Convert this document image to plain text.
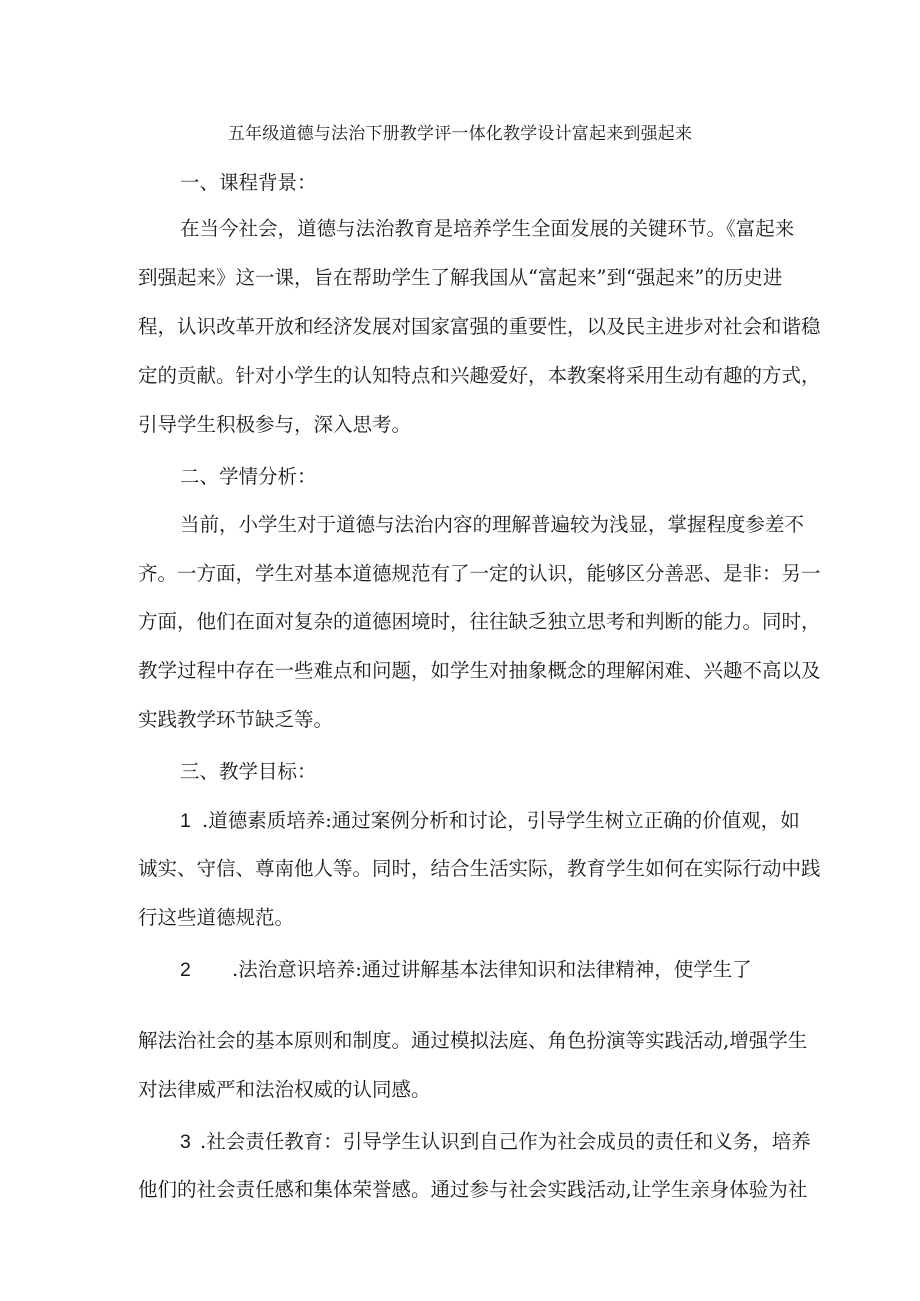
五年级道德与法治下册教学评一体化教学设计富起来到强起来
一、课程背景：
在当今社会，道德与法治教育是培养学生全面发展的关键环节。《富起来
到强起来》这一课，旨在帮助学生了解我国从“富起来”到“强起来”的历史进
程，认识改革开放和经济发展对国家富强的重要性，以及民主进步对社会和谐稳
定的贡献。针对小学生的认知特点和兴趣爱好，本教案将采用生动有趣的方式，
引导学生积极参与，深入思考。
二、学情分析：
当前，小学生对于道德与法治内容的理解普遍较为浅显，掌握程度参差不
齐。一方面，学生对基本道德规范有了一定的认识，能够区分善恶、是非：另一
方面，他们在面对复杂的道德困境时，往往缺乏独立思考和判断的能力。同时，
教学过程中存在一些难点和问题，如学生对抽象概念的理解闲难、兴趣不高以及
实践教学环节缺乏等。
三、教学目标：
1 .道德素质培养:通过案例分析和讨论，引导学生树立正确的价值观，如
诚实、守信、尊南他人等。同时，结合生活实际，教育学生如何在实际行动中践
行这些道德规范。
2 .法治意识培养:通过讲解基本法律知识和法律精神，使学生了
解法治社会的基本原则和制度。通过模拟法庭、角色扮演等实践活动,增强学生
对法律威严和法治权威的认同感。
3 .社会责任教育：引导学生认识到自己作为社会成员的责任和义务，培养
他们的社会责任感和集体荣誉感。通过参与社会实践活动,让学生亲身体验为社
